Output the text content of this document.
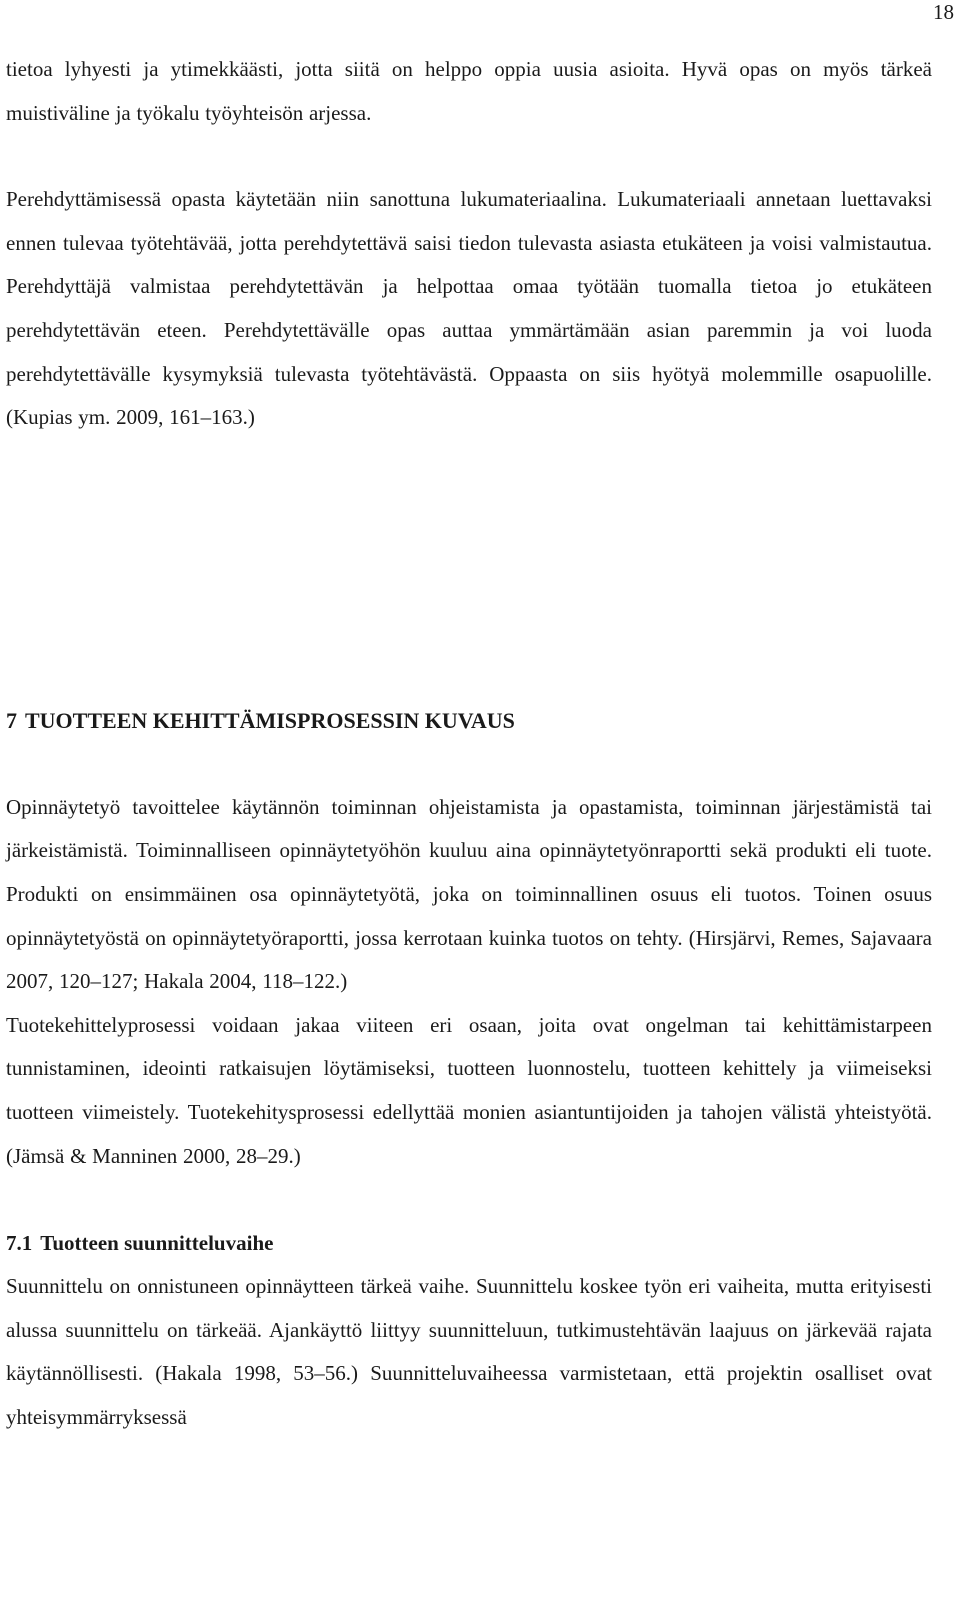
18

tietoa lyhyesti ja ytimekkäästi, jotta siitä on helppo oppia uusia asioita. Hyvä opas on myös tärkeä muistiväline ja työkalu työyhteisön arjessa.

Perehdyttämisessä opasta käytetään niin sanottuna lukumateriaalina. Lukumateriaali annetaan luettavaksi ennen tulevaa työtehtävää, jotta perehdytettävä saisi tiedon tulevasta asiasta etukäteen ja voisi valmistautua. Perehdyttäjä valmistaa perehdytettävän ja helpottaa omaa työtään tuomalla tietoa jo etukäteen perehdytettävän eteen. Perehdytettävälle opas auttaa ymmärtämään asian paremmin ja voi luoda perehdytettävälle kysymyksiä tulevasta työtehtävästä. Oppaasta on siis hyötyä molemmille osapuolille. (Kupias ym. 2009, 161–163.)

7 TUOTTEEN KEHITTÄMISPROSESSIN KUVAUS

Opinnäytetyö tavoittelee käytännön toiminnan ohjeistamista ja opastamista, toiminnan järjestämistä tai järkeistämistä. Toiminnalliseen opinnäytetyöhön kuuluu aina opinnäytetyönraportti sekä produkti eli tuote. Produkti on ensimmäinen osa opinnäytetyötä, joka on toiminnallinen osuus eli tuotos. Toinen osuus opinnäytetyöstä on opinnäytetyöraportti, jossa kerrotaan kuinka tuotos on tehty. (Hirsjärvi, Remes, Sajavaara 2007, 120–127; Hakala 2004, 118–122.)

Tuotekehittelyprosessi voidaan jakaa viiteen eri osaan, joita ovat ongelman tai kehittämistarpeen tunnistaminen, ideointi ratkaisujen löytämiseksi, tuotteen luonnostelu, tuotteen kehittely ja viimeiseksi tuotteen viimeistely. Tuotekehitysprosessi edellyttää monien asiantuntijoiden ja tahojen välistä yhteistyötä. (Jämsä & Manninen 2000, 28–29.)

7.1 Tuotteen suunnitteluvaihe

Suunnittelu on onnistuneen opinnäytteen tärkeä vaihe. Suunnittelu koskee työn eri vaiheita, mutta erityisesti alussa suunnittelu on tärkeää. Ajankäyttö liittyy suunnitteluun, tutkimustehtävän laajuus on järkevää rajata käytännöllisesti. (Hakala 1998, 53–56.) Suunnitteluvaiheessa varmistetaan, että projektin osalliset ovat yhteisymmärryksessä
